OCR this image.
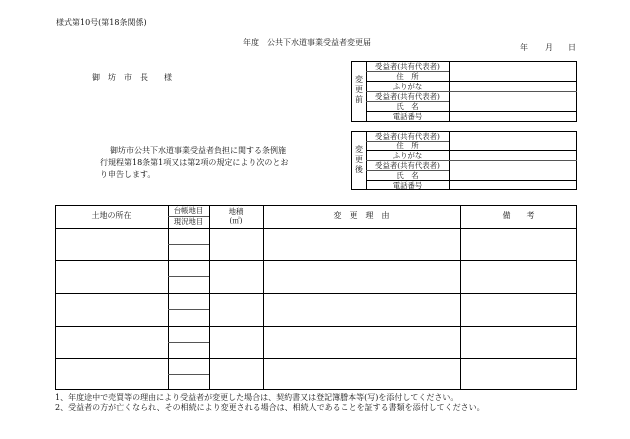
様式第10号(第18条関係)
年度　公共下水道事業受益者変更届
年 月 日
御　坊　市　長　　様
御坊市公共下水道事業受益者負担に関する条例施
行規程第18条第1項又は第2項の規定により次のとお
り申告します。
変
更
前
受益者(共有代表者)
住　所
ふりがな
受益者(共有代表者)
氏　名
電話番号
変
更
後
受益者(共有代表者)
住　所
ふりがな
受益者(共有代表者)
氏　名
電話番号
土地の所在
台帳地目
現況地目
地積
(㎡)
変　更　理　由	備　　考
1、年度途中で売買等の理由により受益者が変更した場合は、契約書又は登記簿謄本等(写)を添付してください。
2、受益者の方が亡くなられ、その相続により変更される場合は、相続人であることを証する書類を添付してください。
